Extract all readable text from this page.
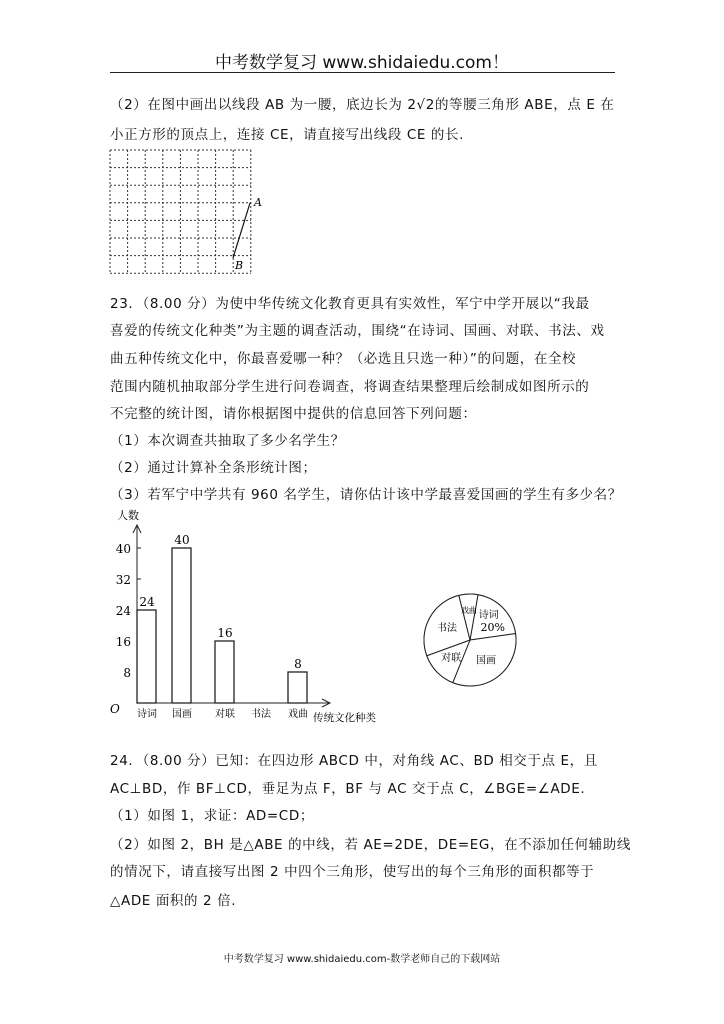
中考数学复习 www.shidaiedu.com！
（2）在图中画出以线段 AB 为一腰，底边长为 2√2的等腰三角形 ABE，点 E 在
小正方形的顶点上，连接 CE，请直接写出线段 CE 的长.
A
B
23．（8.00 分）为使中华传统文化教育更具有实效性，军宁中学开展以“我最
喜爱的传统文化种类”为主题的调查活动，围绕“在诗词、国画、对联、书法、戏
曲五种传统文化中，你最喜爱哪一种？（必选且只选一种）”的问题，在全校
范围内随机抽取部分学生进行问卷调查，将调查结果整理后绘制成如图所示的
不完整的统计图，请你根据图中提供的信息回答下列问题：
（1）本次调查共抽取了多少名学生？
（2）通过计算补全条形统计图；
（3）若军宁中学共有 960 名学生，请你估计该中学最喜爱国画的学生有多少名？
人数
O
传统文化种类
8
16
24
32
40
诗词
24
国画
40
对联
16
书法 戏曲
8
诗词
20%
国画
对联
书法
戏曲
24．（8.00 分）已知：在四边形 ABCD 中，对角线 AC、BD 相交于点 E，且
AC⊥BD，作 BF⊥CD，垂足为点 F，BF 与 AC 交于点 C，∠BGE=∠ADE.
（1）如图 1，求证：AD=CD；
（2）如图 2，BH 是△ABE 的中线，若 AE=2DE，DE=EG，在不添加任何辅助线
的情况下，请直接写出图 2 中四个三角形，使写出的每个三角形的面积都等于
△ADE 面积的 2 倍.
中考数学复习 www.shidaiedu.com-数学老师自己的下载网站
